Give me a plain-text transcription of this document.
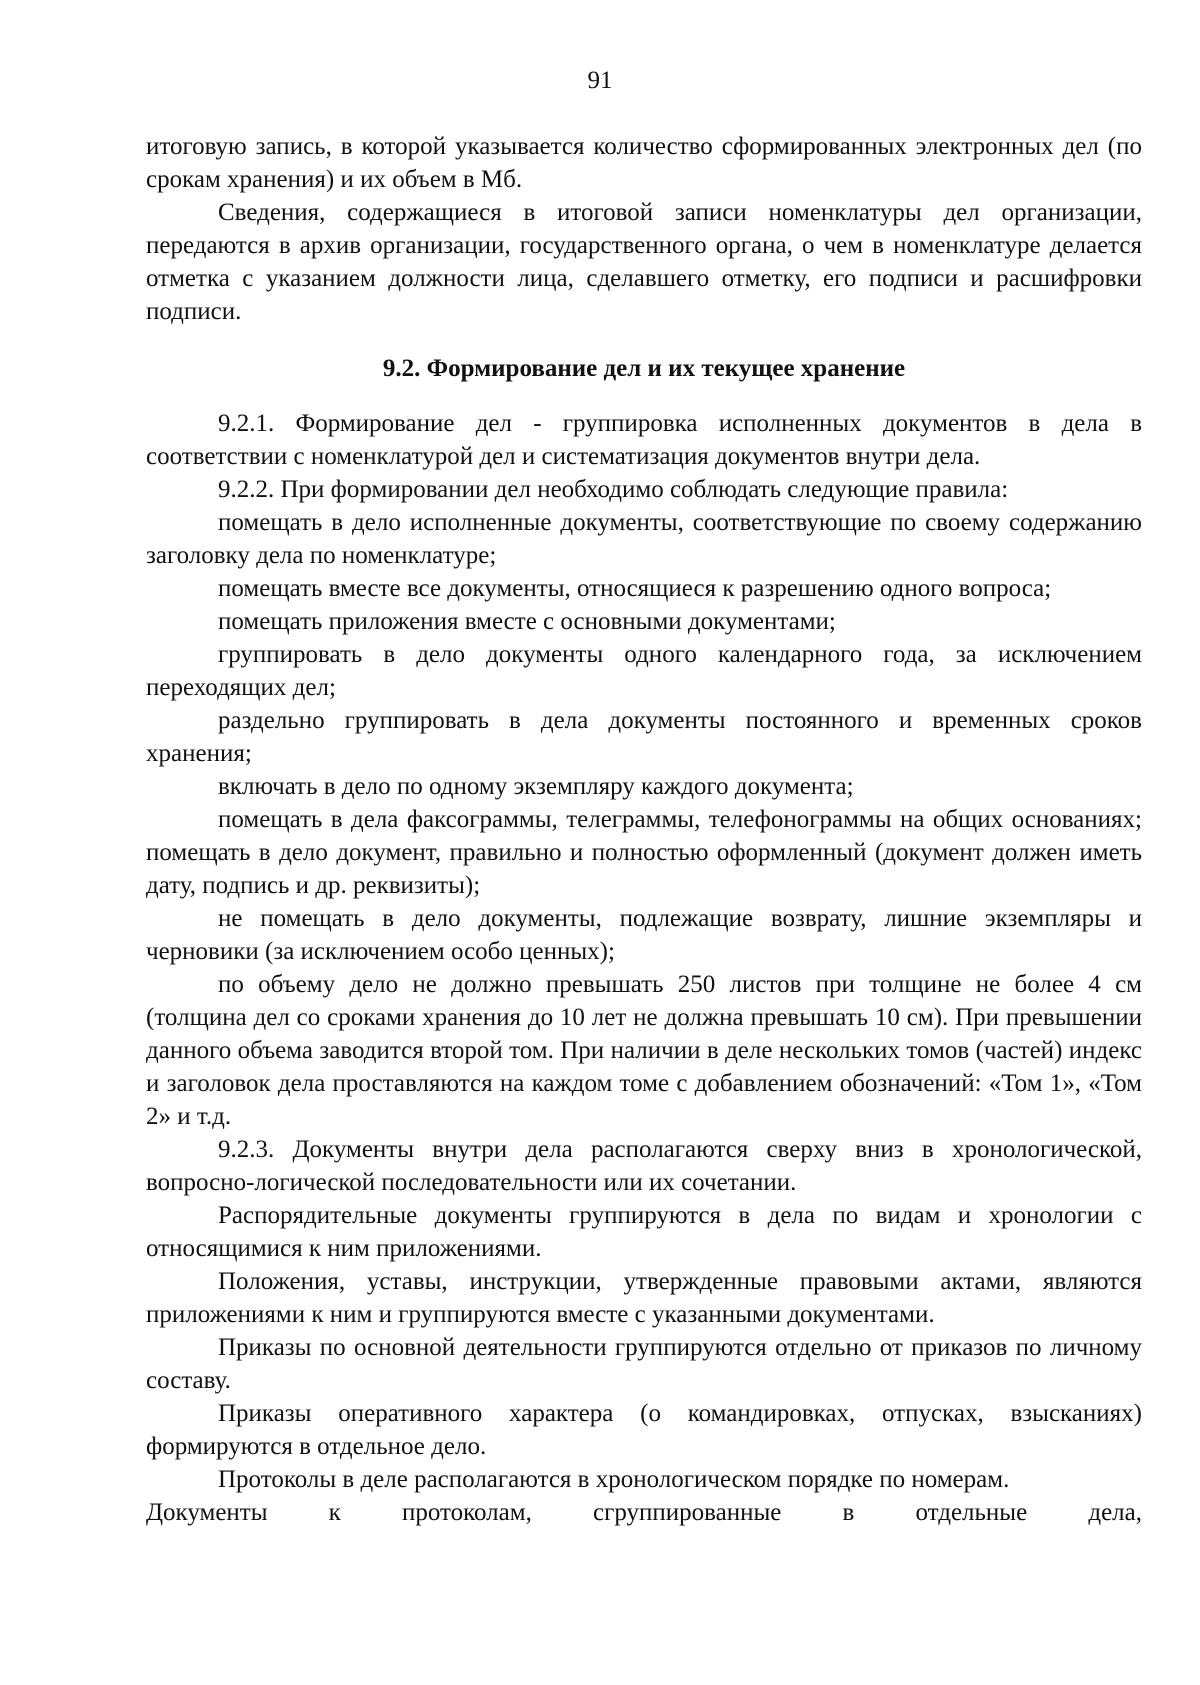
91

итоговую запись, в которой указывается количество сформированных электронных дел (по срокам хранения) и их объем в Мб.

Сведения, содержащиеся в итоговой записи номенклатуры дел организации, передаются в архив организации, государственного органа, о чем в номенклатуре делается отметка с указанием должности лица, сделавшего отметку, его подписи и расшифровки подписи.

9.2. Формирование дел и их текущее хранение

9.2.1. Формирование дел - группировка исполненных документов в дела в соответствии с номенклатурой дел и систематизация документов внутри дела.

9.2.2. При формировании дел необходимо соблюдать следующие правила:

помещать в дело исполненные документы, соответствующие по своему содержанию заголовку дела по номенклатуре;

помещать вместе все документы, относящиеся к разрешению одного вопроса;

помещать приложения вместе с основными документами;

группировать в дело документы одного календарного года, за исключением переходящих дел;

раздельно группировать в дела документы постоянного и временных сроков хранения;

включать в дело по одному экземпляру каждого документа;

помещать в дела факсограммы, телеграммы, телефонограммы на общих основаниях; помещать в дело документ, правильно и полностью оформленный (документ должен иметь дату, подпись и др. реквизиты);

не помещать в дело документы, подлежащие возврату, лишние экземпляры и черновики (за исключением особо ценных);

по объему дело не должно превышать 250 листов при толщине не более 4 см (толщина дел со сроками хранения до 10 лет не должна превышать 10 см). При превышении данного объема заводится второй том. При наличии в деле нескольких томов (частей) индекс и заголовок дела проставляются на каждом томе с добавлением обозначений: «Том 1», «Том 2» и т.д.

9.2.3. Документы внутри дела располагаются сверху вниз в хронологической, вопросно-логической последовательности или их сочетании.

Распорядительные документы группируются в дела по видам и хронологии с относящимися к ним приложениями.

Положения, уставы, инструкции, утвержденные правовыми актами, являются приложениями к ним и группируются вместе с указанными документами.

Приказы по основной деятельности группируются отдельно от приказов по личному составу.

Приказы оперативного характера (о командировках, отпусках, взысканиях) формируются в отдельное дело.

Протоколы в деле располагаются в хронологическом порядке по номерам.

Документы к протоколам, сгруппированные в отдельные дела,
